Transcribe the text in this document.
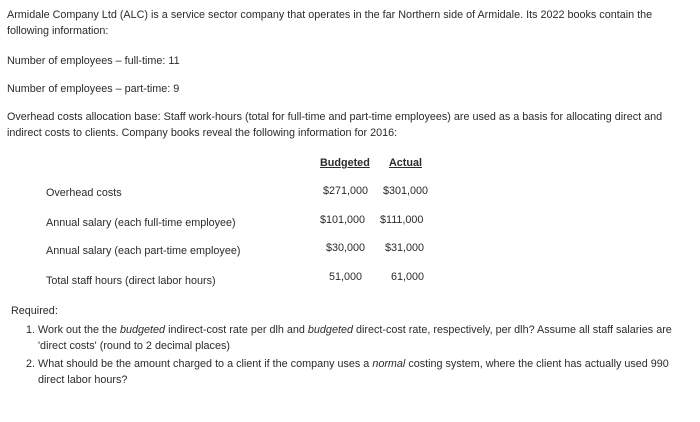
Armidale Company Ltd (ALC) is a service sector company that operates in the far Northern side of Armidale. Its 2022 books contain the
following information:
Number of employees – full-time: 11
Number of employees – part-time: 9
Overhead costs allocation base: Staff work-hours (total for full-time and part-time employees) are used as a basis for allocating direct and
indirect costs to clients. Company books reveal the following information for 2016:
Budgeted Actual
Overhead costs	$271,000 $301,000
Annual salary (each full-time employee)	$101,000 $111,000
Annual salary (each part-time employee)	$30,000 $31,000
Total staff hours (direct labor hours)	51,000	61,000
Required:
1. Work out the the budgeted indirect-cost rate per dlh and budgeted direct-cost rate, respectively, per dlh? Assume all staff salaries are
'direct costs' (round to 2 decimal places)
2. What should be the amount charged to a client if the company uses a normal costing system, where the client has actually used 990
direct labor hours?
